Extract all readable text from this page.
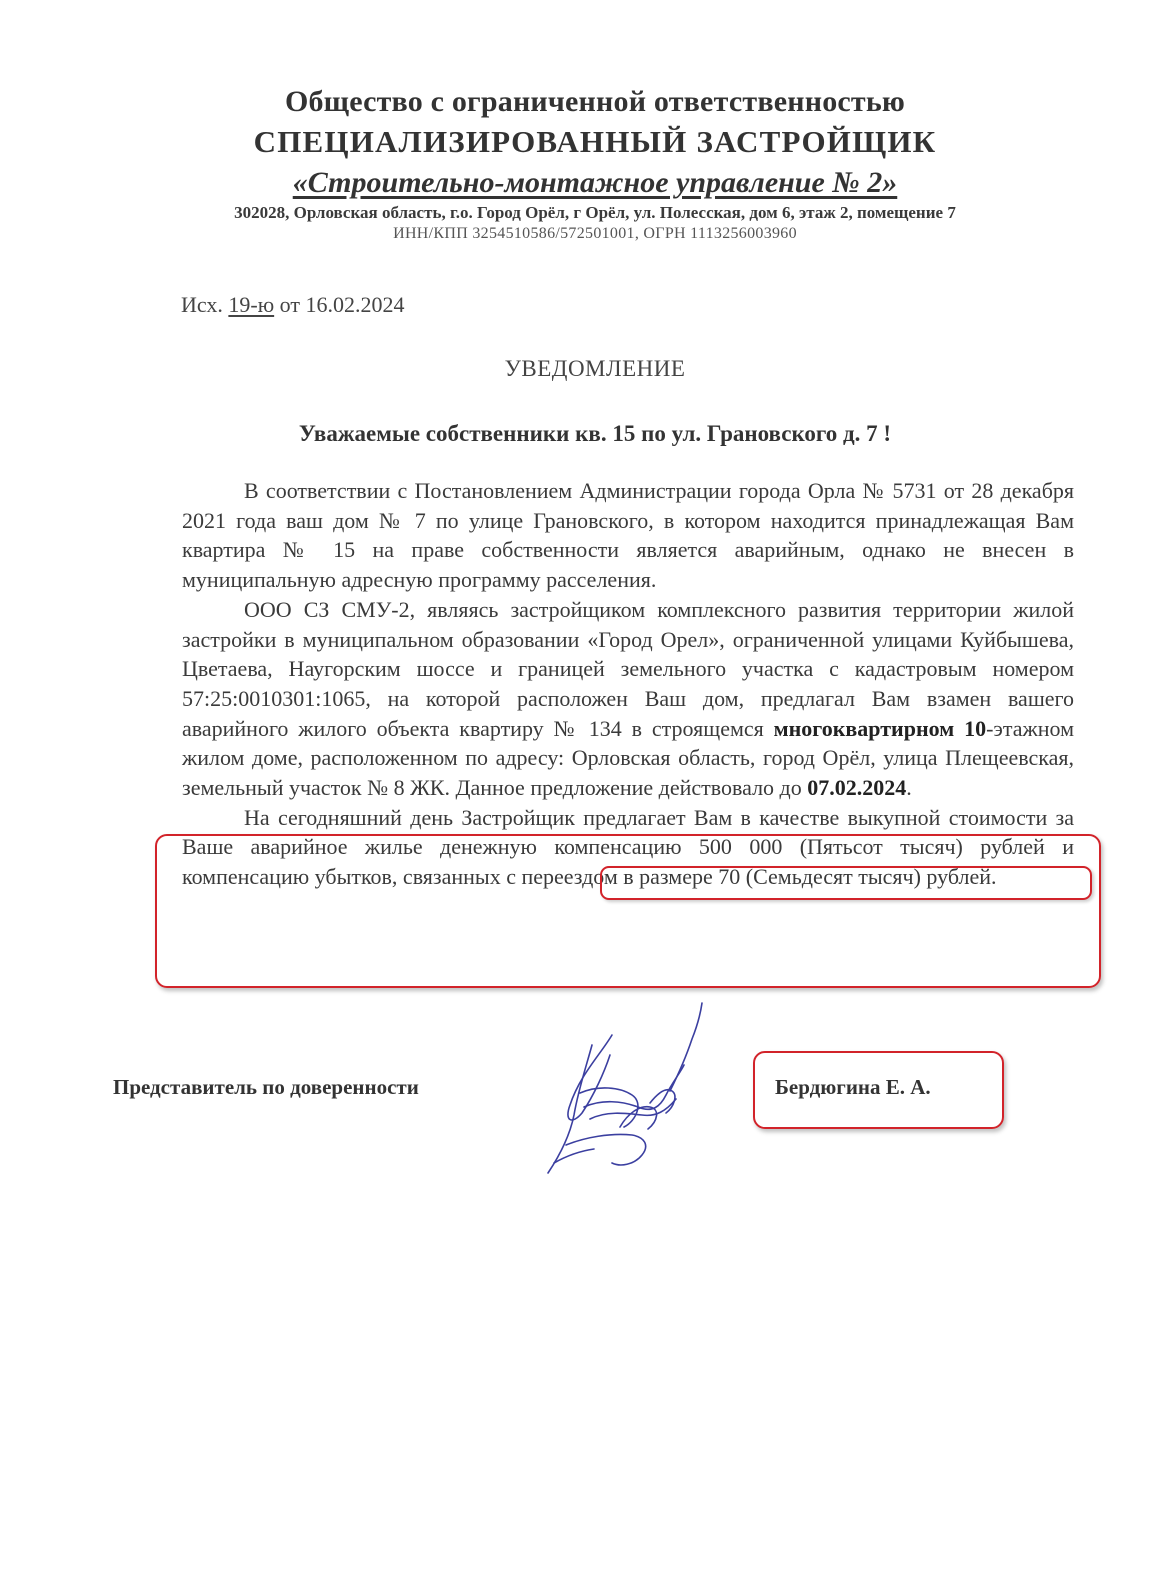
Общество с ограниченной ответственностью
СПЕЦИАЛИЗИРОВАННЫЙ ЗАСТРОЙЩИК
«Строительно-монтажное управление № 2»
302028, Орловская область, г.о. Город Орёл, г Орёл, ул. Полесская, дом 6, этаж 2, помещение 7
ИНН/КПП 3254510586/572501001, ОГРН 1113256003960
Исх. 19-ю от 16.02.2024
УВЕДОМЛЕНИЕ
Уважаемые собственники кв. 15 по ул. Грановского д. 7 !

В соответствии с Постановлением Администрации города Орла № 5731 от 28 декабря 2021 года ваш дом № 7 по улице Грановского, в котором находится принадлежащая Вам квартира № 15 на праве собственности является аварийным, однако не внесен в муниципальную адресную программу расселения.

ООО СЗ СМУ-2, являясь застройщиком комплексного развития территории жилой застройки в муниципальном образовании «Город Орел», ограниченной улицами Куйбышева, Цветаева, Наугорским шоссе и границей земельного участка с кадастровым номером 57:25:0010301:1065, на которой расположен Ваш дом, предлагал Вам взамен вашего аварийного жилого объекта квартиру № 134 в строящемся многоквартирном 10-этажном жилом доме, расположенном по адресу: Орловская область, город Орёл, улица Плещеевская, земельный участок № 8 ЖК. Данное предложение действовало до 07.02.2024.

На сегодняшний день Застройщик предлагает Вам в качестве выкупной стоимости за Ваше аварийное жилье денежную компенсацию 500 000 (Пятьсот тысяч) рублей и компенсацию убытков, связанных с переездом в размере 70 (Семьдесят тысяч) рублей.

Представитель по доверенности	Бердюгина Е. А.
